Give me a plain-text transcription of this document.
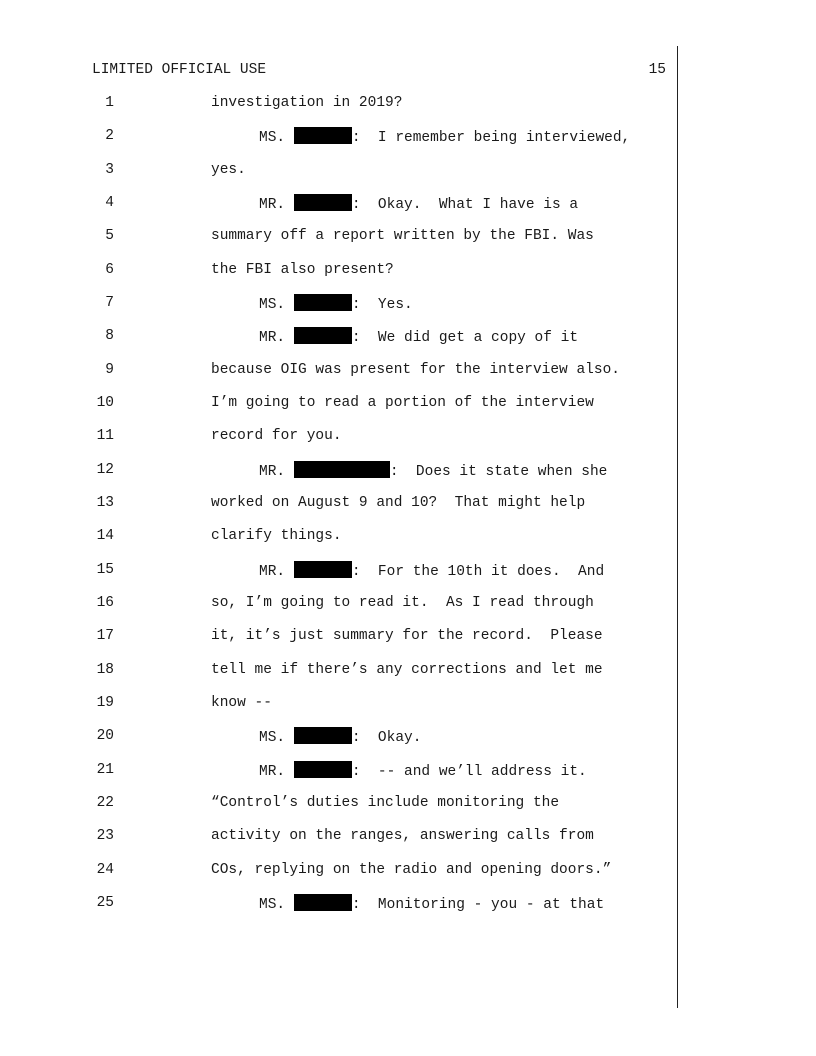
LIMITED OFFICIAL USE	15
1	investigation in 2019?
2	MS.	:  I remember being interviewed,
3	yes.
4	MR.	:  Okay.  What I have is a
5	summary off a report written by the FBI. Was
6	the FBI also present?
7	MS.	:  Yes.
8	MR.	:  We did get a copy of it
9	because OIG was present for the interview also.
10	I’m going to read a portion of the interview
11	record for you.
12	MR.	:  Does it state when she
13	worked on August 9 and 10?  That might help
14	clarify things.
15	MR.	:  For the 10th it does.  And
16	so, I’m going to read it.  As I read through
17	it, it’s just summary for the record.  Please
18	tell me if there’s any corrections and let me
19	know --
20	MS.	:  Okay.
21	MR.	:  -- and we’ll address it.
22	“Control’s duties include monitoring the
23	activity on the ranges, answering calls from
24	COs, replying on the radio and opening doors.”
25	MS.	:  Monitoring - you - at that
